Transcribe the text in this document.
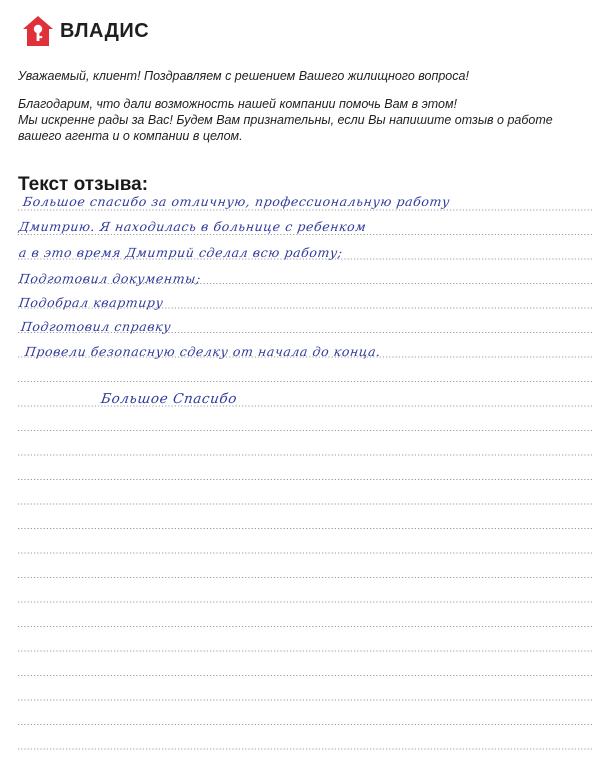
ВЛАДИС

Уважаемый, клиент! Поздравляем с решением Вашего жилищного вопроса!

Благодарим, что дали возможность нашей компании помочь Вам в этом!

Мы искренне рады за Вас! Будем Вам признательны, если Вы напишите отзыв о работе

вашего агента и о компании в целом.

Текст отзыва:
Большое спасибо за отличную, профессиональную работу
Дмитрию. Я находилась в больнице с ребенком
а в это время Дмитрий сделал всю работу;
Подготовил документы;
Подобрал квартиру
Подготовил справку
Провели безопасную сделку от начала до конца.
Большое Спасибо
